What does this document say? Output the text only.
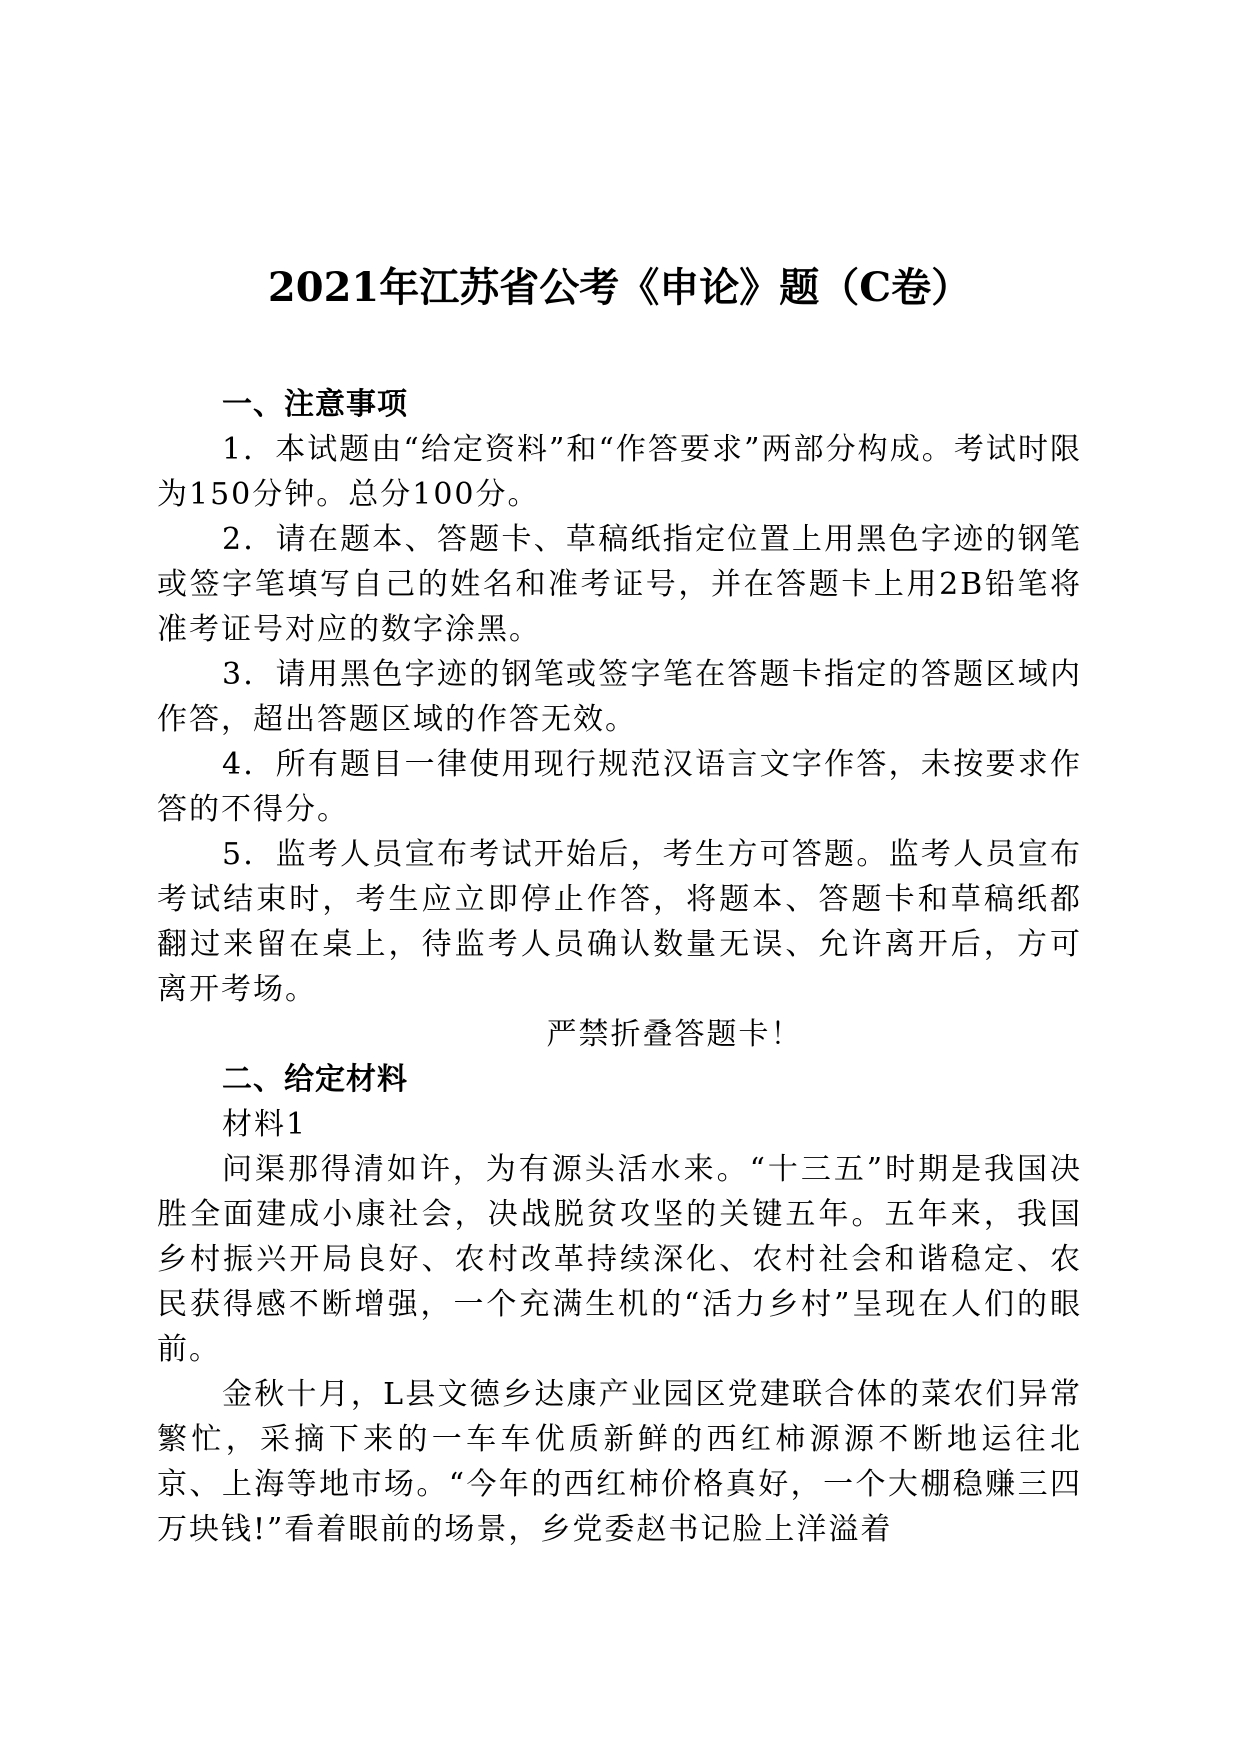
2021年江苏省公考《申论》题（C卷）
一、注意事项

1．本试题由“给定资料”和“作答要求”两部分构成。考试时限为150分钟。总分100分。

2．请在题本、答题卡、草稿纸指定位置上用黑色字迹的钢笔或签字笔填写自己的姓名和准考证号，并在答题卡上用2B铅笔将准考证号对应的数字涂黑。

3．请用黑色字迹的钢笔或签字笔在答题卡指定的答题区域内作答，超出答题区域的作答无效。

4．所有题目一律使用现行规范汉语言文字作答，未按要求作答的不得分。

5．监考人员宣布考试开始后，考生方可答题。监考人员宣布考试结束时，考生应立即停止作答，将题本、答题卡和草稿纸都翻过来留在桌上，待监考人员确认数量无误、允许离开后，方可离开考场。

严禁折叠答题卡！
二、给定材料
材料1

问渠那得清如许，为有源头活水来。“十三五”时期是我国决胜全面建成小康社会，决战脱贫攻坚的关键五年。五年来，我国乡村振兴开局良好、农村改革持续深化、农村社会和谐稳定、农民获得感不断增强，一个充满生机的“活力乡村”呈现在人们的眼前。

金秋十月，L县文德乡达康产业园区党建联合体的菜农们异常繁忙，采摘下来的一车车优质新鲜的西红柿源源不断地运往北京、上海等地市场。“今年的西红柿价格真好，一个大棚稳赚三四万块钱!”看着眼前的场景，乡党委赵书记脸上洋溢着
